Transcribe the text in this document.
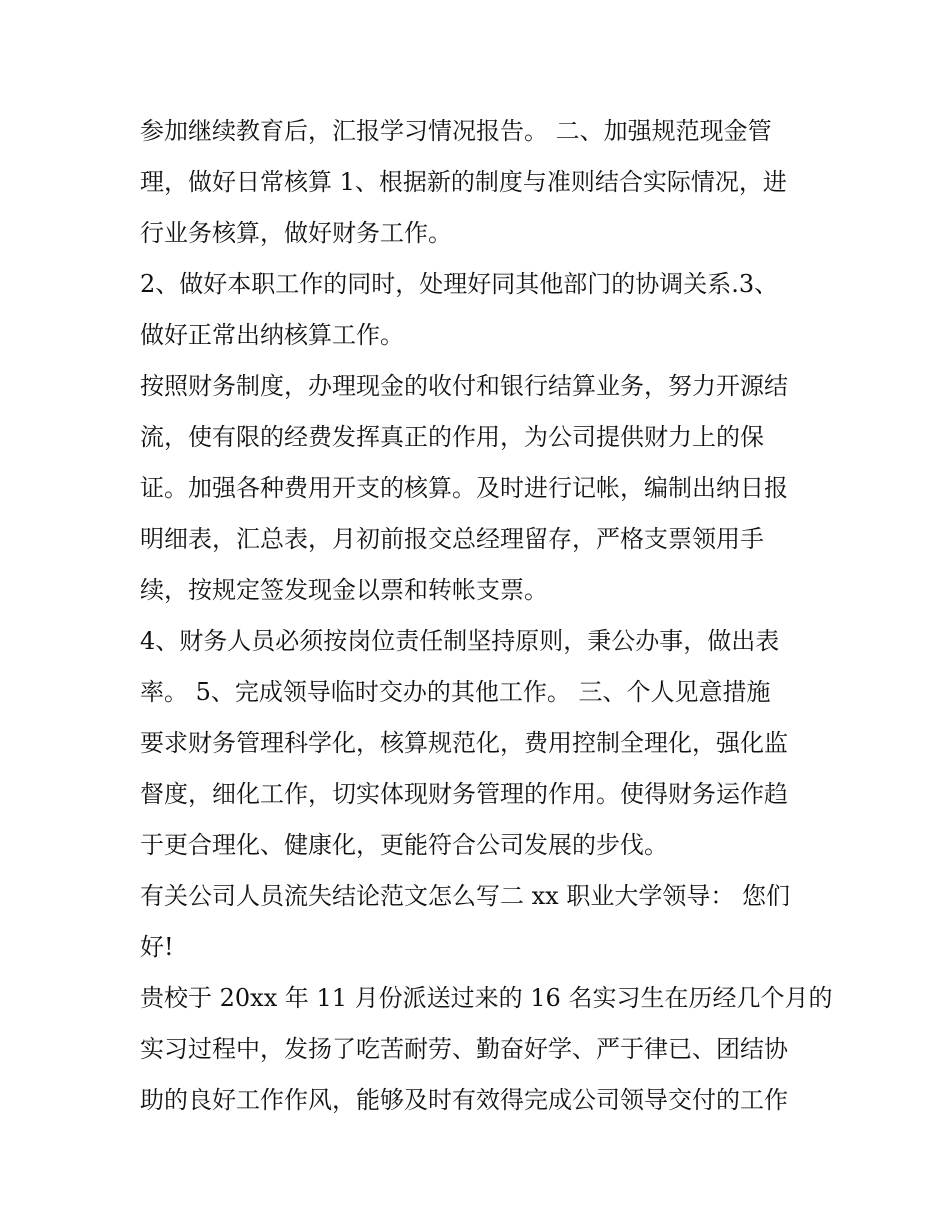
参加继续教育后，汇报学习情况报告。 二、加强规范现金管
理，做好日常核算 1、根据新的制度与准则结合实际情况，进
行业务核算，做好财务工作。
2、做好本职工作的同时，处理好同其他部门的协调关系.3、
做好正常出纳核算工作。
按照财务制度，办理现金的收付和银行结算业务，努力开源结
流，使有限的经费发挥真正的作用，为公司提供财力上的保
证。加强各种费用开支的核算。及时进行记帐，编制出纳日报
明细表，汇总表，月初前报交总经理留存，严格支票领用手
续，按规定签发现金以票和转帐支票。
4、财务人员必须按岗位责任制坚持原则，秉公办事，做出表
率。 5、完成领导临时交办的其他工作。 三、个人见意措施
要求财务管理科学化，核算规范化，费用控制全理化，强化监
督度，细化工作，切实体现财务管理的作用。使得财务运作趋
于更合理化、健康化，更能符合公司发展的步伐。
有关公司人员流失结论范文怎么写二 xx 职业大学领导： 您们
好!
贵校于 20xx 年 11 月份派送过来的 16 名实习生在历经几个月的
实习过程中，发扬了吃苦耐劳、勤奋好学、严于律已、团结协
助的良好工作作风，能够及时有效得完成公司领导交付的工作
